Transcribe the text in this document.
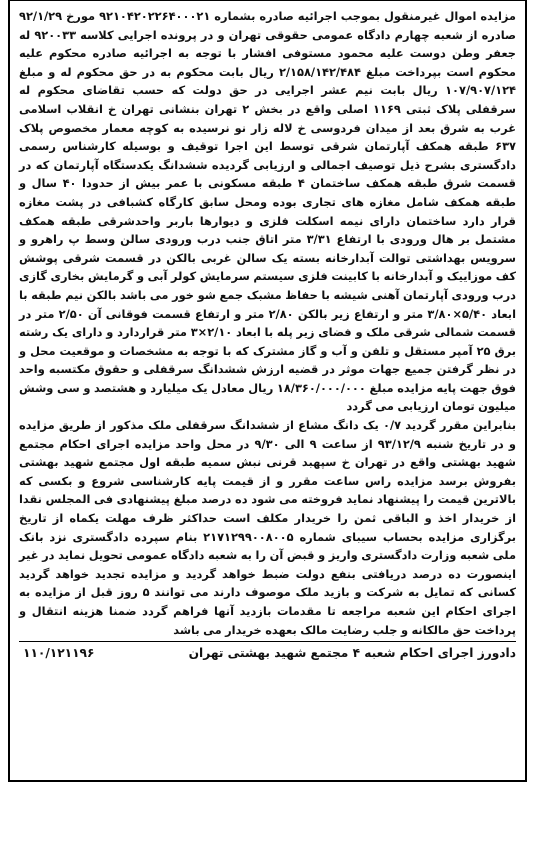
مزایده اموال غیرمنقول بموجب اجرائیه صادره بشماره ۹۲۱۰۴۲۰۲۲۶۴۰۰۰۲۱ مورخ ۹۲/۱/۲۹ صادره از شعبه چهارم دادگاه عمومی حقوقی تهران و در پرونده اجرایی کلاسه ۹۲۰۰۳۳ له جعفر وطن دوست علیه محمود مستوفی افشار با توجه به اجرائیه صادره محکوم علیه محکوم است بپرداخت مبلغ ۲/۱۵۸/۱۴۲/۴۸۴ ریال بابت محکوم به در حق محکوم له و مبلغ ۱۰۷/۹۰۷/۱۲۴ ریال بابت نیم عشر اجرایی در حق دولت که حسب تقاضای محکوم له سرقفلی پلاک ثبتی ۱۱۶۹ اصلی واقع در بخش ۲ تهران بنشانی تهران خ انقلاب اسلامی غرب به شرق بعد از میدان فردوسی خ لاله زار نو نرسیده به کوچه معمار مخصوص پلاک ۶۳۷ طبقه همکف آپارتمان شرقی توسط این اجرا توقیف و بوسیله کارشناس رسمی دادگستری بشرح ذیل توصیف اجمالی و ارزیابی گردیده ششدانگ یکدستگاه آپارتمان که در قسمت شرق طبقه همکف ساختمان ۴ طبقه مسکونی با عمر بیش از حدودا ۴۰ سال و طبقه همکف شامل مغازه های تجاری بوده ومحل سابق کارگاه کشبافی در پشت مغازه قرار دارد ساختمان دارای نیمه اسکلت فلزی و دیوارها باربر واحدشرقی طبقه همکف مشتمل بر هال ورودی با ارتفاع ۳/۳۱ متر اتاق جنب درب ورودی سالن وسط پ راهرو و سرویس بهداشتی توالت آبدارخانه بسته یک سالن غربی بالکن در قسمت شرقی پوشش کف موزاییک و آبدارخانه با کابینت فلزی سیستم سرمایش کولر آبی و گرمایش بخاری گازی درب ورودی آپارتمان آهنی شیشه با حفاظ مشبک جمع شو خور می باشد بالکن نیم طبقه با ابعاد ۵/۴۰×۳/۸۰ متر و ارتفاع زیر بالکن ۲/۸۰ متر و ارتفاع قسمت فوقانی آن ۲/۵۰ متر در قسمت شمالی شرقی ملک و فضای زیر پله با ابعاد ۲/۱۰×۳ متر قراردارد و دارای یک رشته برق ۲۵ آمپر مستقل و تلفن و آب و گاز مشترک که با توجه به مشخصات و موقعیت محل و در نظر گرفتن جمیع جهات موثر در قضیه ارزش ششدانگ سرقفلی و حقوق مکتسبه واحد فوق جهت پایه مزایده مبلغ ۱۸/۳۶۰/۰۰۰/۰۰۰ ریال معادل یک میلیارد و هشتصد و سی وشش میلیون تومان ارزیابی می گردد

بنابراین مقرر گردید ۰/۷ یک دانگ مشاع از ششدانگ سرقفلی ملک مذکور از طریق مزایده و در تاریخ شنبه ۹۳/۱۲/۹ از ساعت ۹ الی ۹/۳۰ در محل واحد مزایده اجرای احکام مجتمع شهید بهشتی واقع در تهران خ سپهبد قرنی نبش سمیه طبقه اول مجتمع شهید بهشتی بفروش برسد مزایده راس ساعت مقرر و از قیمت پایه کارشناسی شروع و بکسی که بالاترین قیمت را پیشنهاد نماید فروخته می شود ده درصد مبلغ پیشنهادی فی المجلس نقدا از خریدار اخذ و الباقی ثمن را خریدار مکلف است حداکثر ظرف مهلت یکماه از تاریخ برگزاری مزایده بحساب سیبای شماره ۲۱۷۱۲۹۹۰۰۸۰۰۵ بنام سپرده دادگستری نزد بانک ملی شعبه وزارت دادگستری واریز و قبض آن را به شعبه دادگاه عمومی تحویل نماید در غیر اینصورت ده درصد دریافتی بنفع دولت ضبط خواهد گردید و مزایده تجدید خواهد گردید کسانی که تمایل به شرکت و بازید ملک موصوف دارند می توانند ۵ روز قبل از مزایده به اجرای احکام این شعبه مراجعه تا مقدمات بازدید آنها فراهم گردد ضمنا هزینه انتقال و پرداخت حق مالکانه و جلب رضایت مالک بعهده خریدار می باشد

دادورز اجرای احکام شعبه ۴ مجتمع شهید بهشتی تهران
۱۱۰/۱۲۱۱۹۶
